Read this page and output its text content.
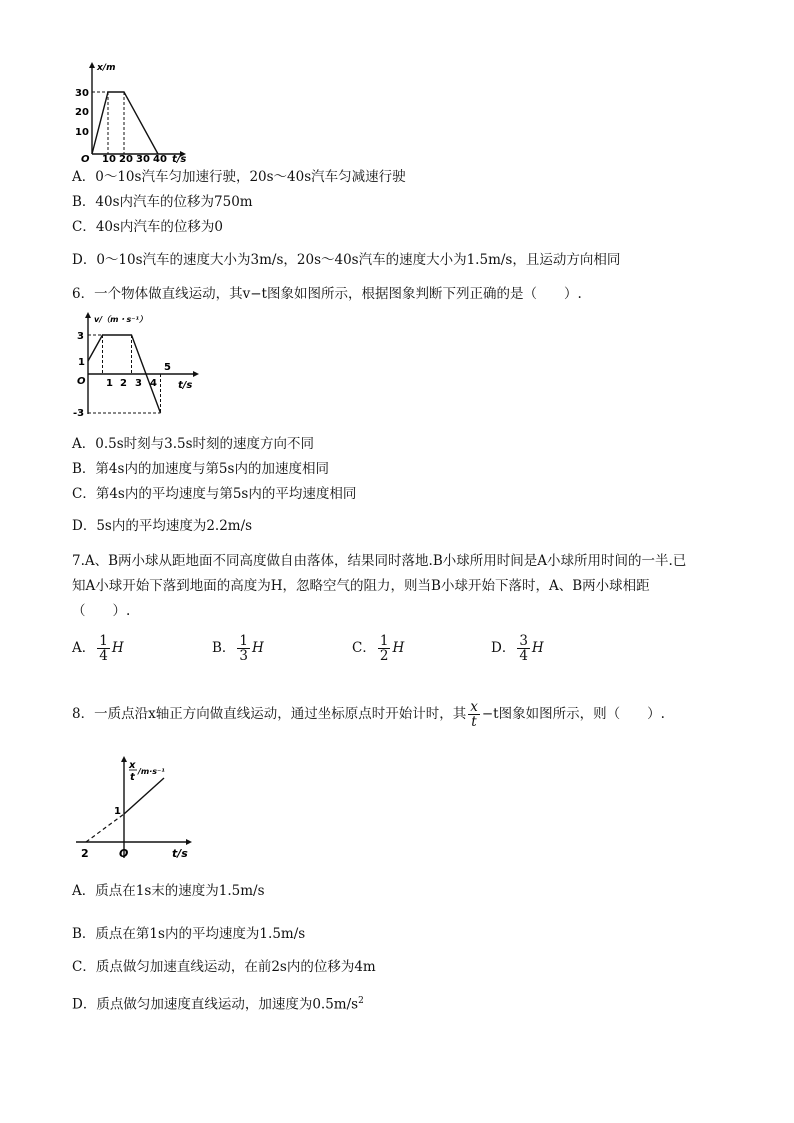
x/m
30
20
10
O 10 20 30 40 t/s
A．0～10s汽车匀加速行驶，20s～40s汽车匀减速行驶
B．40s内汽车的位移为750m
C．40s内汽车的位移为0
D．0～10s汽车的速度大小为3m/s，20s～40s汽车的速度大小为1.5m/s，且运动方向相同
6．一个物体做直线运动，其v−t图象如图所示，根据图象判断下列正确的是（　　）.
v/（m・s⁻¹）
3
1
O
-3
1 2 3 4
5
t/s
A．0.5s时刻与3.5s时刻的速度方向不同
B．第4s内的加速度与第5s内的加速度相同
C．第4s内的平均速度与第5s内的平均速度相同
D．5s内的平均速度为2.2m/s
7.A、B两小球从距地面不同高度做自由落体，结果同时落地.B小球所用时间是A小球所用时间的一半.已
知A小球开始下落到地面的高度为H，忽略空气的阻力，则当B小球开始下落时，A、B两小球相距
（　　）.
A． $\frac{1}{4}$ H	B． $\frac{1}{3}$ H	C． $\frac{1}{2}$ H	D． $\frac{3}{4}$ H
8．一质点沿x轴正方向做直线运动，通过坐标原点时开始计时，其 $\frac{x}{t} -t$图象如图所示，则（　　）.
x
t
/m·s⁻¹
1
2	O	t/s
A．质点在1s末的速度为1.5m/s
B．质点在第1s内的平均速度为1.5m/s
C．质点做匀加速直线运动，在前2s内的位移为4m
D．质点做匀加速度直线运动，加速度为$0.5m/s^2$
